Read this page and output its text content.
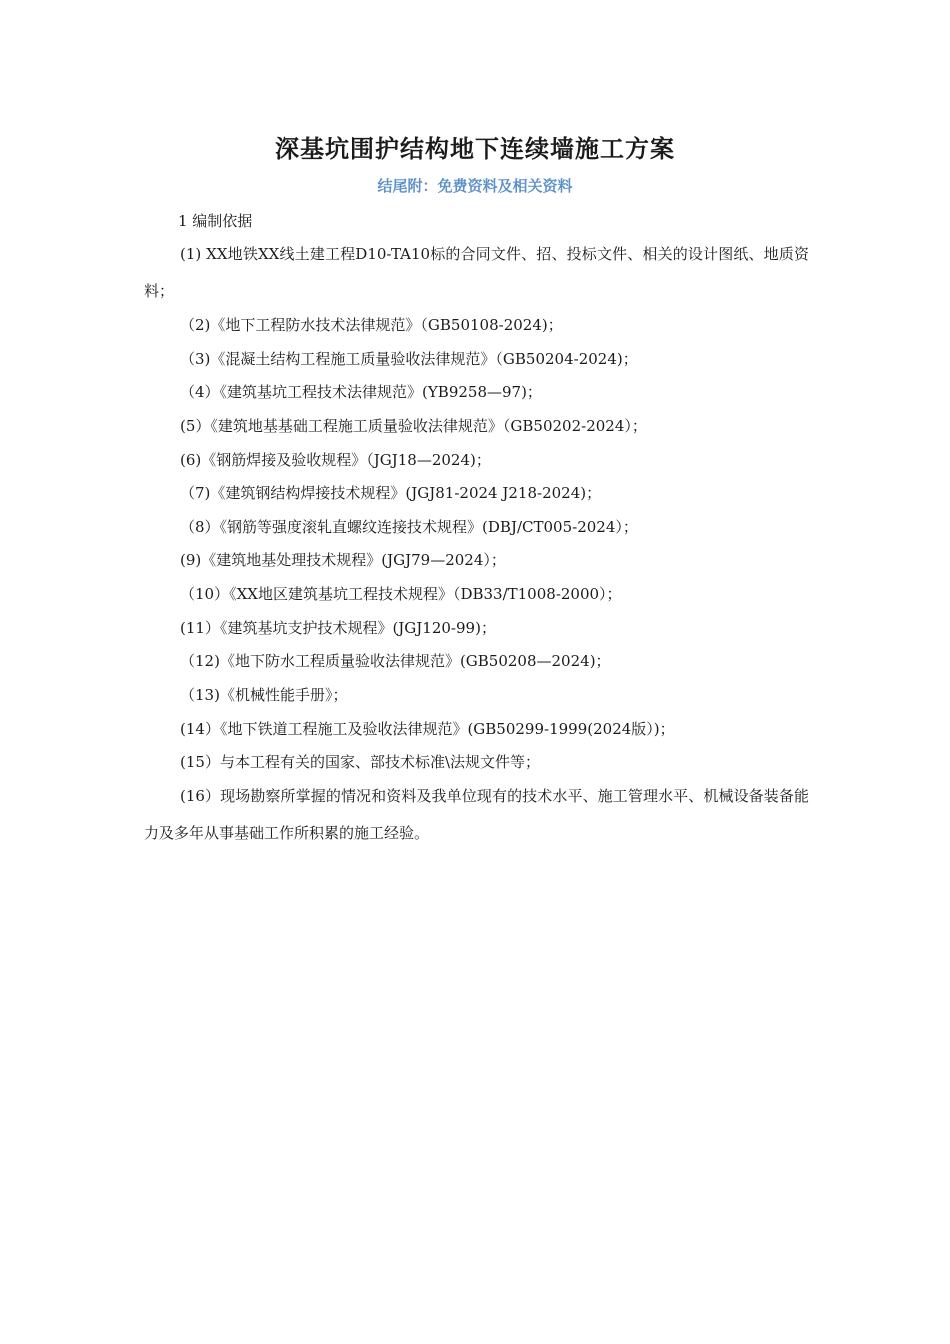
深基坑围护结构地下连续墙施工方案
结尾附：免费资料及相关资料
1 编制依据
(1) XX地铁XX线土建工程D10-TA10标的合同文件、招、投标文件、相关的设计图纸、地质资料；
（2)《地下工程防水技术法律规范》（GB50108-2024)；
（3)《混凝土结构工程施工质量验收法律规范》（GB50204-2024)；
（4）《建筑基坑工程技术法律规范》(YB9258—97)；
(5）《建筑地基基础工程施工质量验收法律规范》（GB50202-2024）；
(6)《钢筋焊接及验收规程》（JGJ18—2024)；
（7)《建筑钢结构焊接技术规程》(JGJ81-2024 J218-2024)；
（8）《钢筋等强度滚轧直螺纹连接技术规程》(DBJ/CT005-2024）；
(9)《建筑地基处理技术规程》(JGJ79—2024）；
（10）《XX地区建筑基坑工程技术规程》（DB33/T1008-2000）；
(11）《建筑基坑支护技术规程》(JGJ120-99)；
（12)《地下防水工程质量验收法律规范》(GB50208—2024)；
（13)《机械性能手册》；
(14）《地下铁道工程施工及验收法律规范》(GB50299-1999(2024版）)；
(15）与本工程有关的国家、部技术标准\法规文件等；
(16）现场勘察所掌握的情况和资料及我单位现有的技术水平、施工管理水平、机械设备装备能力及多年从事基础工作所积累的施工经验。
